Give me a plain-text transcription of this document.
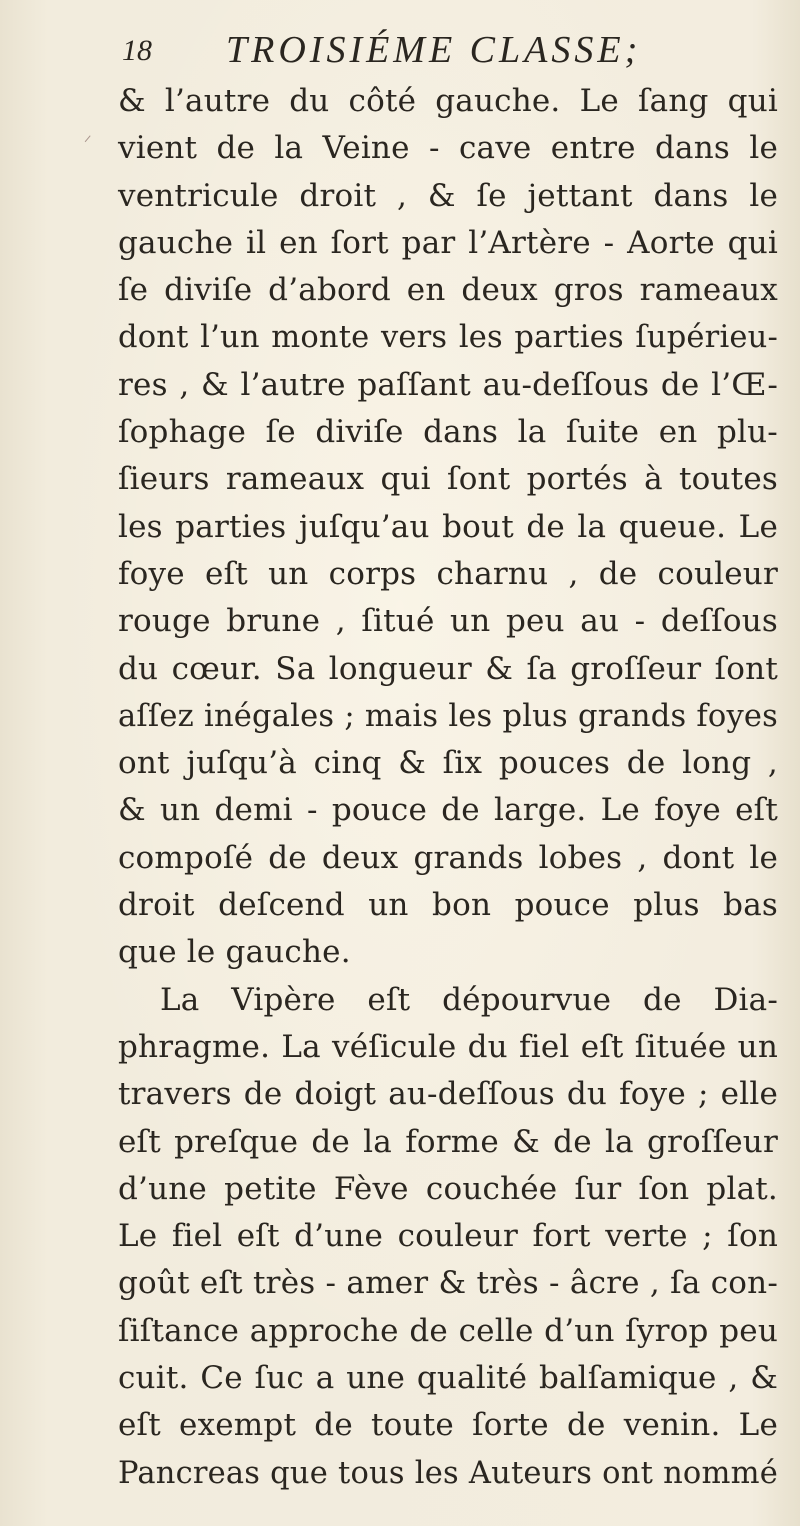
18 TROISIÉME CLASSE;
& l’autre du côté gauche. Le ſang qui
vient de la Veine - cave entre dans le
ventricule droit , & ſe jettant dans le
gauche il en ſort par l’Artère - Aorte qui
ſe diviſe d’abord en deux gros rameaux
dont l’un monte vers les parties ſupérieu-
res , & l’autre paſſant au-deſſous de l’Œ-
ſophage ſe diviſe dans la ſuite en plu-
ſieurs rameaux qui ſont portés à toutes
les parties juſqu’au bout de la queue. Le
foye eſt un corps charnu , de couleur
rouge brune , ſitué un peu au - deſſous
du cœur. Sa longueur & ſa groſſeur ſont
aſſez inégales ; mais les plus grands foyes
ont juſqu’à cinq & ſix pouces de long ,
& un demi - pouce de large. Le foye eſt
compoſé de deux grands lobes , dont le
droit deſcend un bon pouce plus bas
que le gauche.
La Vipère eſt dépourvue de Dia-
phragme. La véſicule du fiel eſt ſituée un
travers de doigt au-deſſous du foye ; elle
eſt preſque de la forme & de la groſſeur
d’une petite Fève couchée ſur ſon plat.
Le fiel eſt d’une couleur fort verte ; ſon
goût eſt très - amer & très - âcre , ſa con-
ſiſtance approche de celle d’un ſyrop peu
cuit. Ce ſuc a une qualité balſamique , &
eſt exempt de toute ſorte de venin. Le
Pancreas que tous les Auteurs ont nommé
